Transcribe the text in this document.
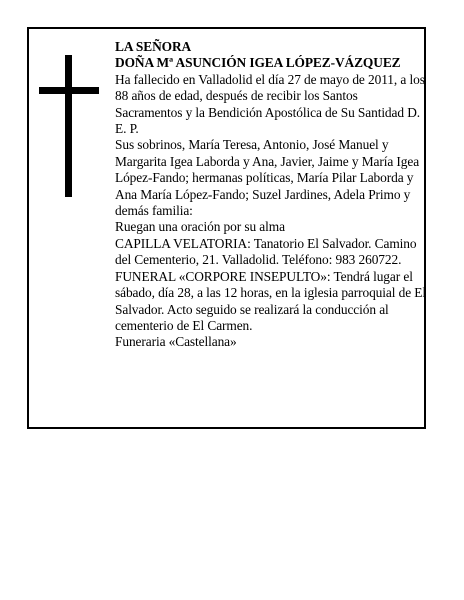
LA SEÑORA

DOÑA Mª ASUNCIÓN IGEA LÓPEZ-VÁZQUEZ

Ha fallecido en Valladolid el día 27 de mayo de 2011, a los 88 años de edad, después de recibir los Santos Sacramentos y la Bendición Apostólica de Su Santidad D. E. P.

Sus sobrinos, María Teresa, Antonio, José Manuel y Margarita Igea Laborda y Ana, Javier, Jaime y María Igea López-Fando; hermanas políticas, María Pilar Laborda y Ana María López-Fando; Suzel Jardines, Adela Primo y demás familia:

Ruegan una oración por su alma

CAPILLA VELATORIA: Tanatorio El Salvador. Camino del Cementerio, 21. Valladolid. Teléfono: 983 260722.

FUNERAL «CORPORE INSEPULTO»: Tendrá lugar el sábado, día 28, a las 12 horas, en la iglesia parroquial de El Salvador. Acto seguido se realizará la conducción al cementerio de El Carmen.

Funeraria «Castellana»
